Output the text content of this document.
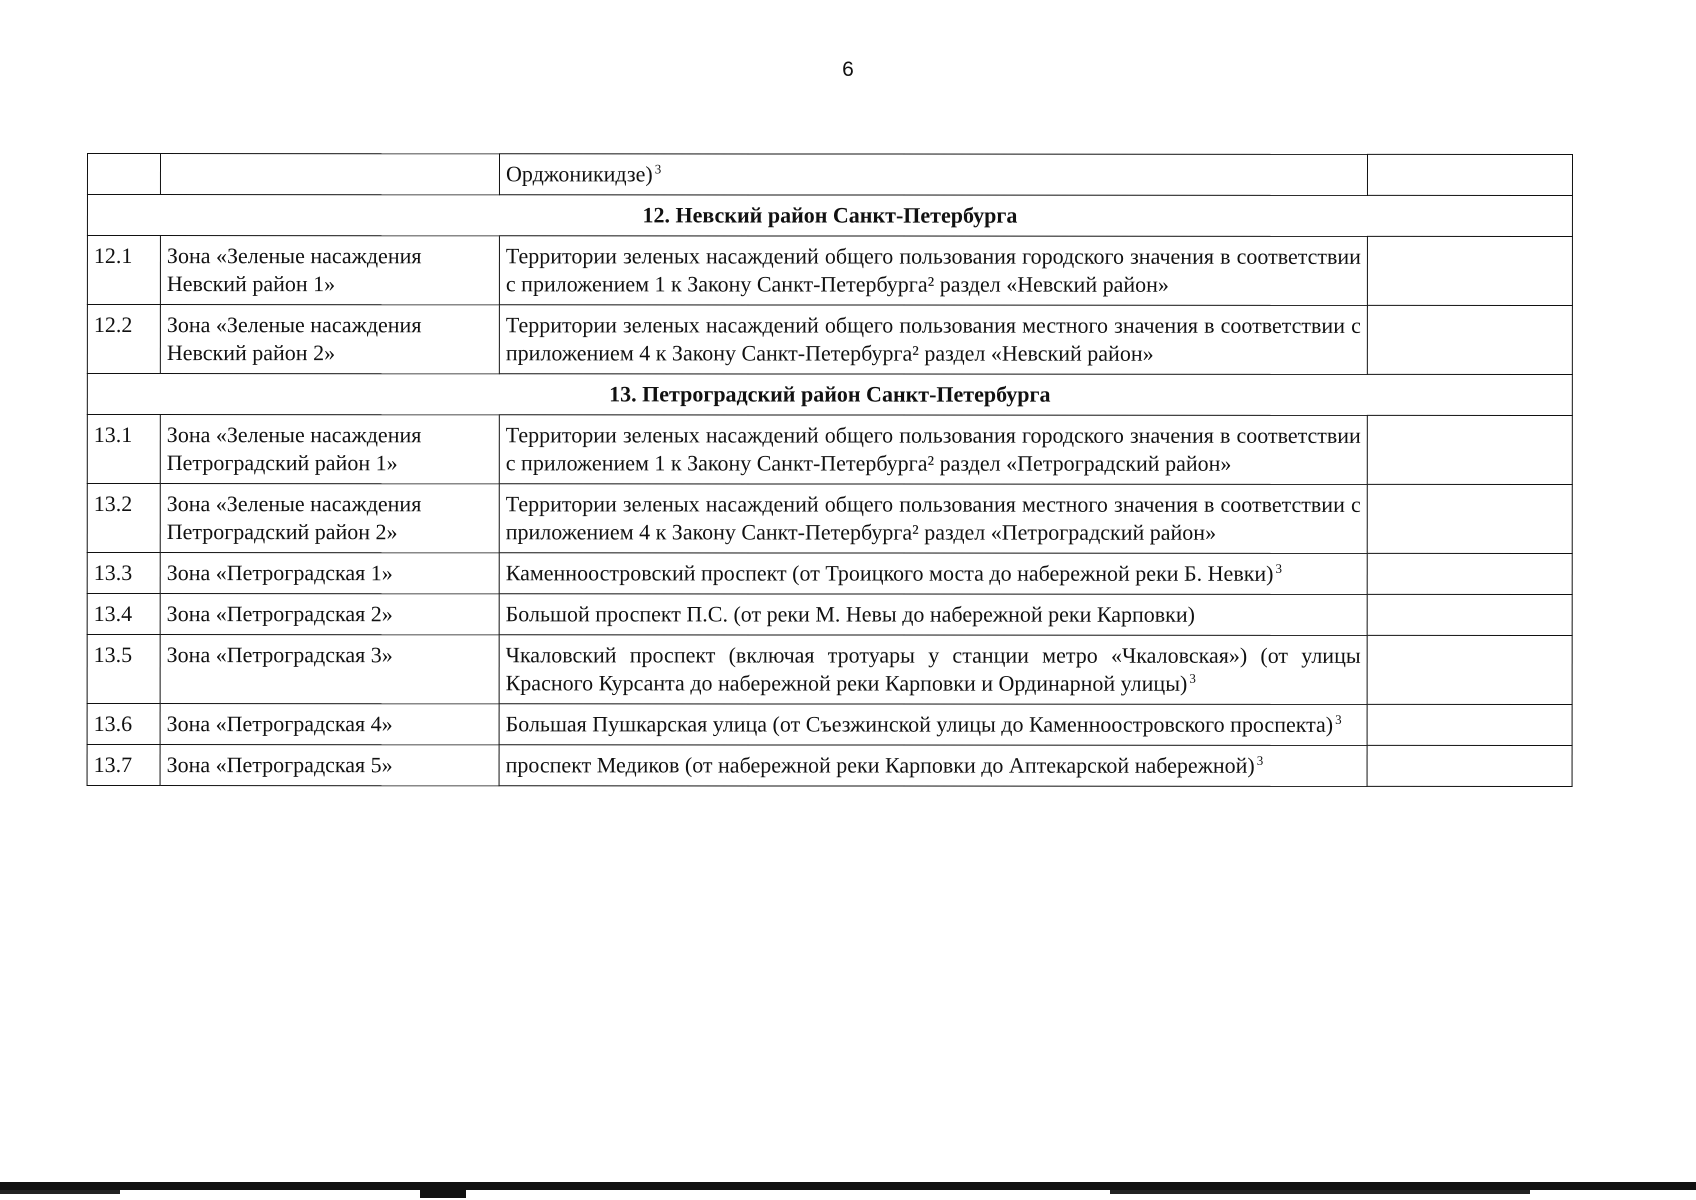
6
		Орджоникидзе) $^3$	
12. Невский район Санкт-Петербурга			
12.1	Зона «Зеленые насаждения Невский район 1»	Территории зеленых насаждений общего пользования городского значения в соответствии с приложением 1 к Закону Санкт-Петербурга² раздел «Невский район»	
12.2	Зона «Зеленые насаждения Невский район 2»	Территории зеленых насаждений общего пользования местного значения в соответствии с приложением 4 к Закону Санкт-Петербурга² раздел «Невский район»	
13. Петроградский район Санкт-Петербурга			
13.1	Зона «Зеленые насаждения Петроградский район 1»	Территории зеленых насаждений общего пользования городского значения в соответствии с приложением 1 к Закону Санкт-Петербурга² раздел «Петроградский район»	
13.2	Зона «Зеленые насаждения Петроградский район 2»	Территории зеленых насаждений общего пользования местного значения в соответствии с приложением 4 к Закону Санкт-Петербурга² раздел «Петроградский район»	
13.3	Зона «Петроградская 1»	Каменноостровский проспект (от Троицкого моста до набережной реки Б. Невки) $^3$	
13.4	Зона «Петроградская 2»	Большой проспект П.С. (от реки М. Невы до набережной реки Карповки)	
13.5	Зона «Петроградская 3»	Чкаловский проспект (включая тротуары у станции метро «Чкаловская») (от улицы Красного Курсанта до набережной реки Карповки и Ординарной улицы) $^3$	
13.6	Зона «Петроградская 4»	Большая Пушкарская улица (от Съезжинской улицы до Каменноостровского проспекта) $^3$	
13.7	Зона «Петроградская 5»	проспект Медиков (от набережной реки Карповки до Аптекарской набережной) $^3$	
